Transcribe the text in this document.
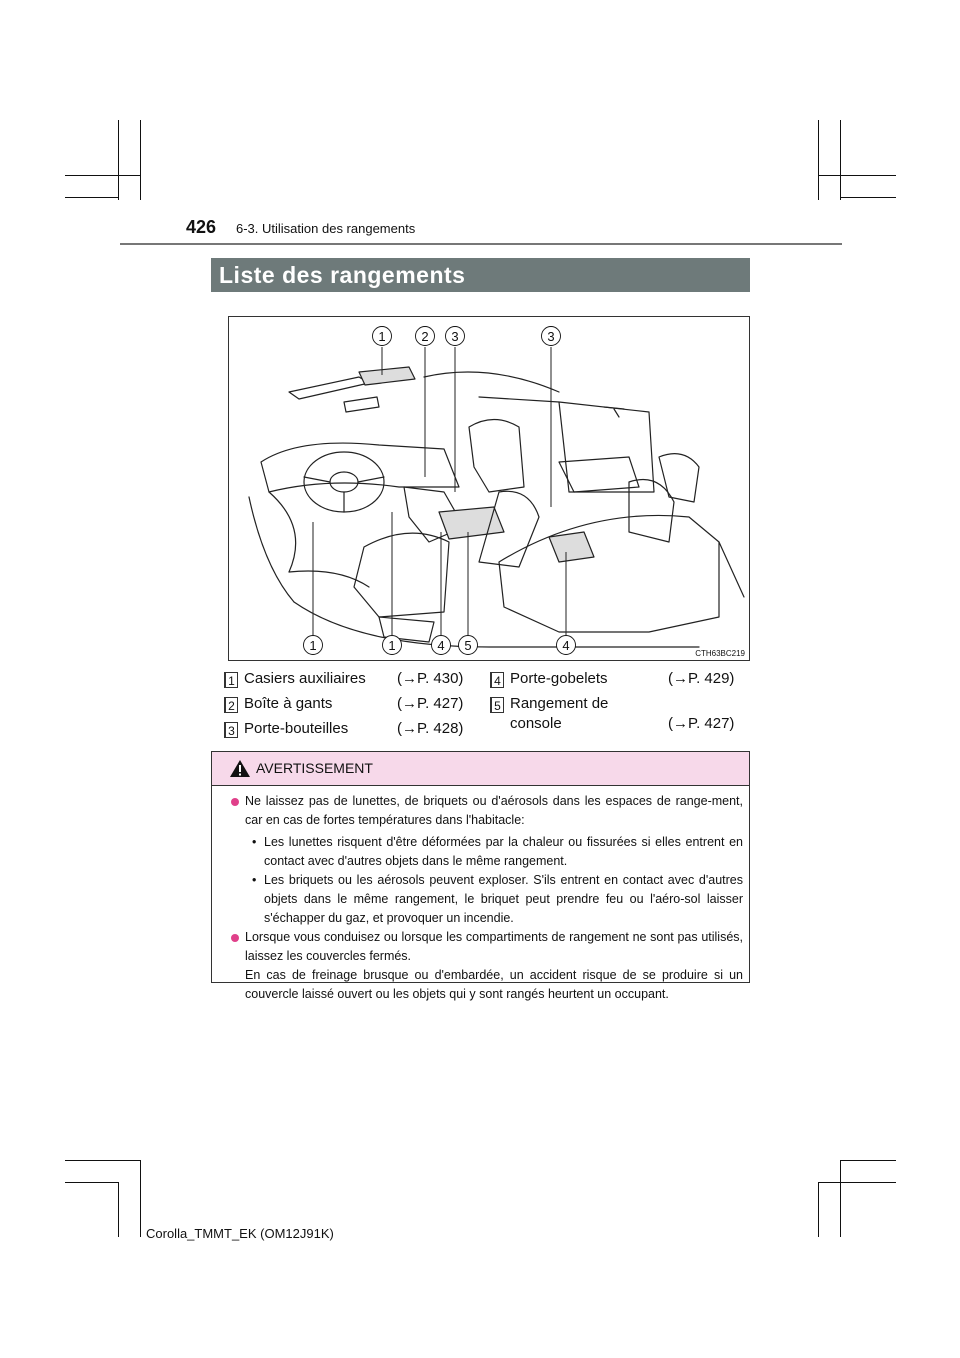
426 6-3. Utilisation des rangements
Liste des rangements
1	2 3	3
1	1	4 5	4
CTH63BC219
1 Casiers auxiliaires (→P. 430)
2 Boîte à gants	(→P. 427)
3 Porte-bouteilles	(→P. 428)
4 Porte-gobelets	(→P. 429)
5 Rangement de
console	(→P. 427)
AVERTISSEMENT
Ne laissez pas de lunettes, de briquets ou d'aérosols dans les espaces de range-ment, car en cas de fortes températures dans l'habitacle:
• Les lunettes risquent d'être déformées par la chaleur ou fissurées si elles entrent en contact avec d'autres objets dans le même rangement.
• Les briquets ou les aérosols peuvent exploser. S'ils entrent en contact avec d'autres objets dans le même rangement, le briquet peut prendre feu ou l'aéro-sol laisser s'échapper du gaz, et provoquer un incendie.
Lorsque vous conduisez ou lorsque les compartiments de rangement ne sont pas utilisés, laissez les couvercles fermés.
En cas de freinage brusque ou d'embardée, un accident risque de se produire si un couvercle laissé ouvert ou les objets qui y sont rangés heurtent un occupant.
Corolla_TMMT_EK (OM12J91K)
